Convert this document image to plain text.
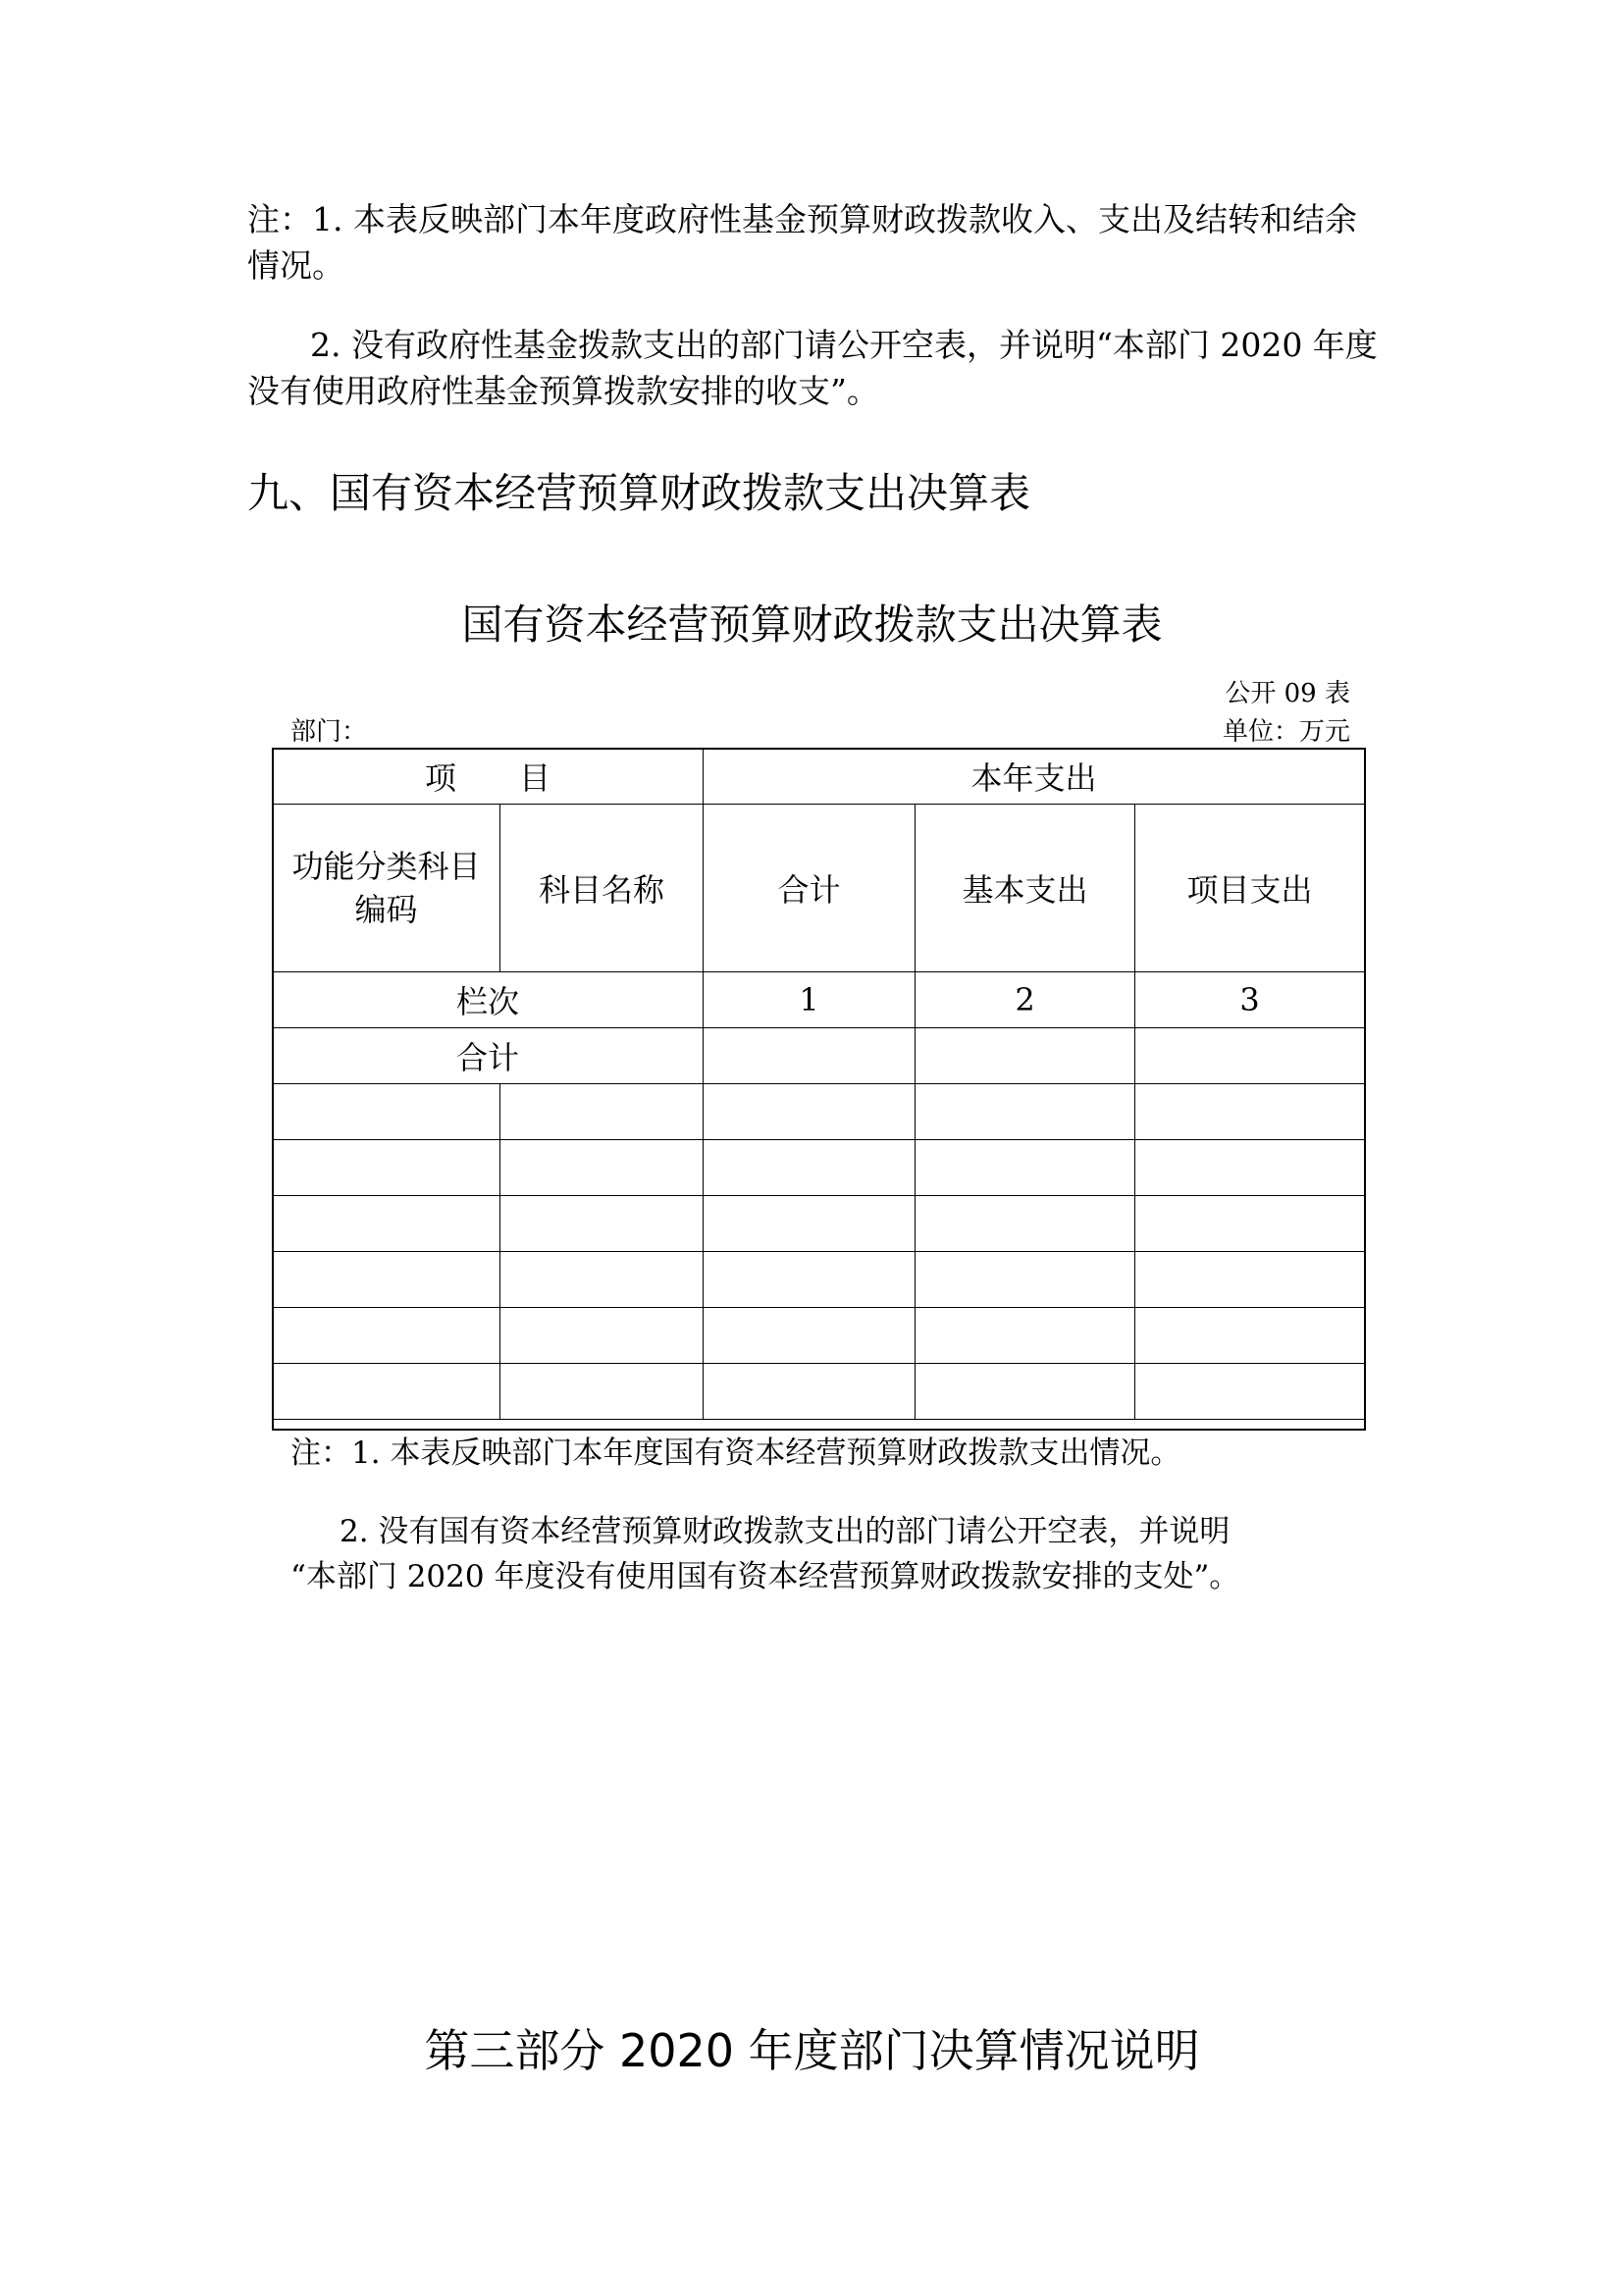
注：1. 本表反映部门本年度政府性基金预算财政拨款收入、支出及结转和结余
情况。
2. 没有政府性基金拨款支出的部门请公开空表，并说明“本部门 2020 年度
没有使用政府性基金预算拨款安排的收支”。
九、国有资本经营预算财政拨款支出决算表
国有资本经营预算财政拨款支出决算表
公开 09 表
部门：	单位：万元
项　　目		本年支出		
功能分类科目编码	科目名称	合计	基本支出	项目支出
栏次		1	2	3
合计				

注：1. 本表反映部门本年度国有资本经营预算财政拨款支出情况。
2. 没有国有资本经营预算财政拨款支出的部门请公开空表，并说明
“本部门 2020 年度没有使用国有资本经营预算财政拨款安排的支处”。
第三部分 2020 年度部门决算情况说明
